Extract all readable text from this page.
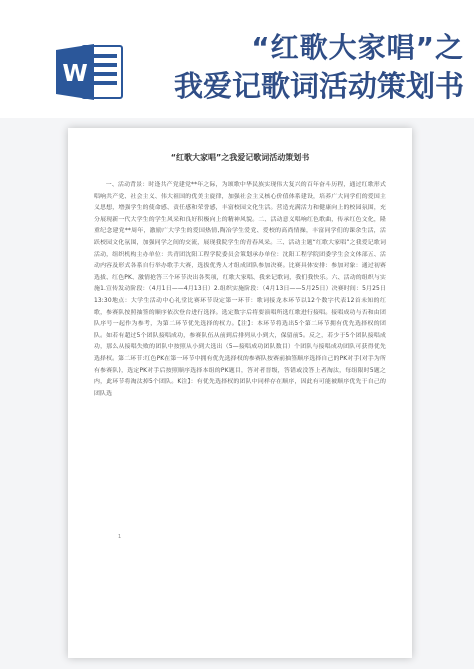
W
“红歌大家唱”之
我爱记歌词活动策划书
“红歌大家唱”之我爱记歌词活动策划书

一、活动背景：时逢共产党建党**年之际，为颂歌中华民族实现伟大复兴的百年奋斗历程，通过红歌形式唱响共产党、社会主义、伟大祖国的优美主旋律，加强社会主义核心价值体系建设，培养广大同学们的爱国主义思想，增强学生的使命感、责任感和荣誉感，丰富校园文化生活。营造充满活力和健康向上的校园氛围，充分展现新一代大学生的学生风采和良好积极向上的精神风貌。二、活动意义唱响红色歌曲，传承红色文化，隆重纪念建党**周年，激励广大学生的爱国热情,陶冶学生爱党、爱校的高尚情操，丰富同学们的课余生活，活跃校园文化氛围，加强同学之间的交流，展现我院学生的青春风采。三、活动主题“红歌大家唱”之我爱记歌词活动，组织机构主办单位：共青团沈阳工程学院委员会策划承办单位：沈阳工程学院团委学生会文体部五、活动内容及形式各系自行举办歌手大赛，选拔优秀人才组成团队参加决赛。比赛具体安排：参加对象：通过初赛选拔、红色PK、激情抢答三个环节决出各奖项，红歌大家唱、我来记歌词，我们我快乐。六、活动的组织与实施1.宣传发动阶段：（4月1日——4月13日）2.组织实施阶段：（4月13日——5月25日）决赛时间：5月25日13:30地点：大学生活动中心礼堂比赛环节设定第一环节：歌词接龙本环节以12个数字代表12首未知的红歌，参赛队按照抽签的顺序依次登台进行选择。选定数字后将要演唱所选红歌进行接唱。接唱成功与否和由团队序号一起作为参考，为第二环节优先选择的权力。【注】：本环节将选出5个第二环节拥有优先选择权的团队。如若有超过5个团队接唱成功，参赛队伍从前到后排列从小到大，保留前5。反之，若少于5个团队接唱成功，那么从接唱失败的团队中按照从小到大选出（5—接唱成功团队数目）个团队与接唱成功团队可获得优先选择权。第二环节:红色PK在第一环节中拥有优先选择权的参赛队按赛前抽签顺序选择自己的PK对手(对手为所有参赛队)，选定PK对手后按照顺序选择本组的PK题目，答对者晋级，答错或没答上者淘汰，每组限时5题之内，此环节将淘汰掉5个团队。K注】：有优先选择权的团队中同样存在顺序，因此有可能被顺序优先于自己的团队选

1
